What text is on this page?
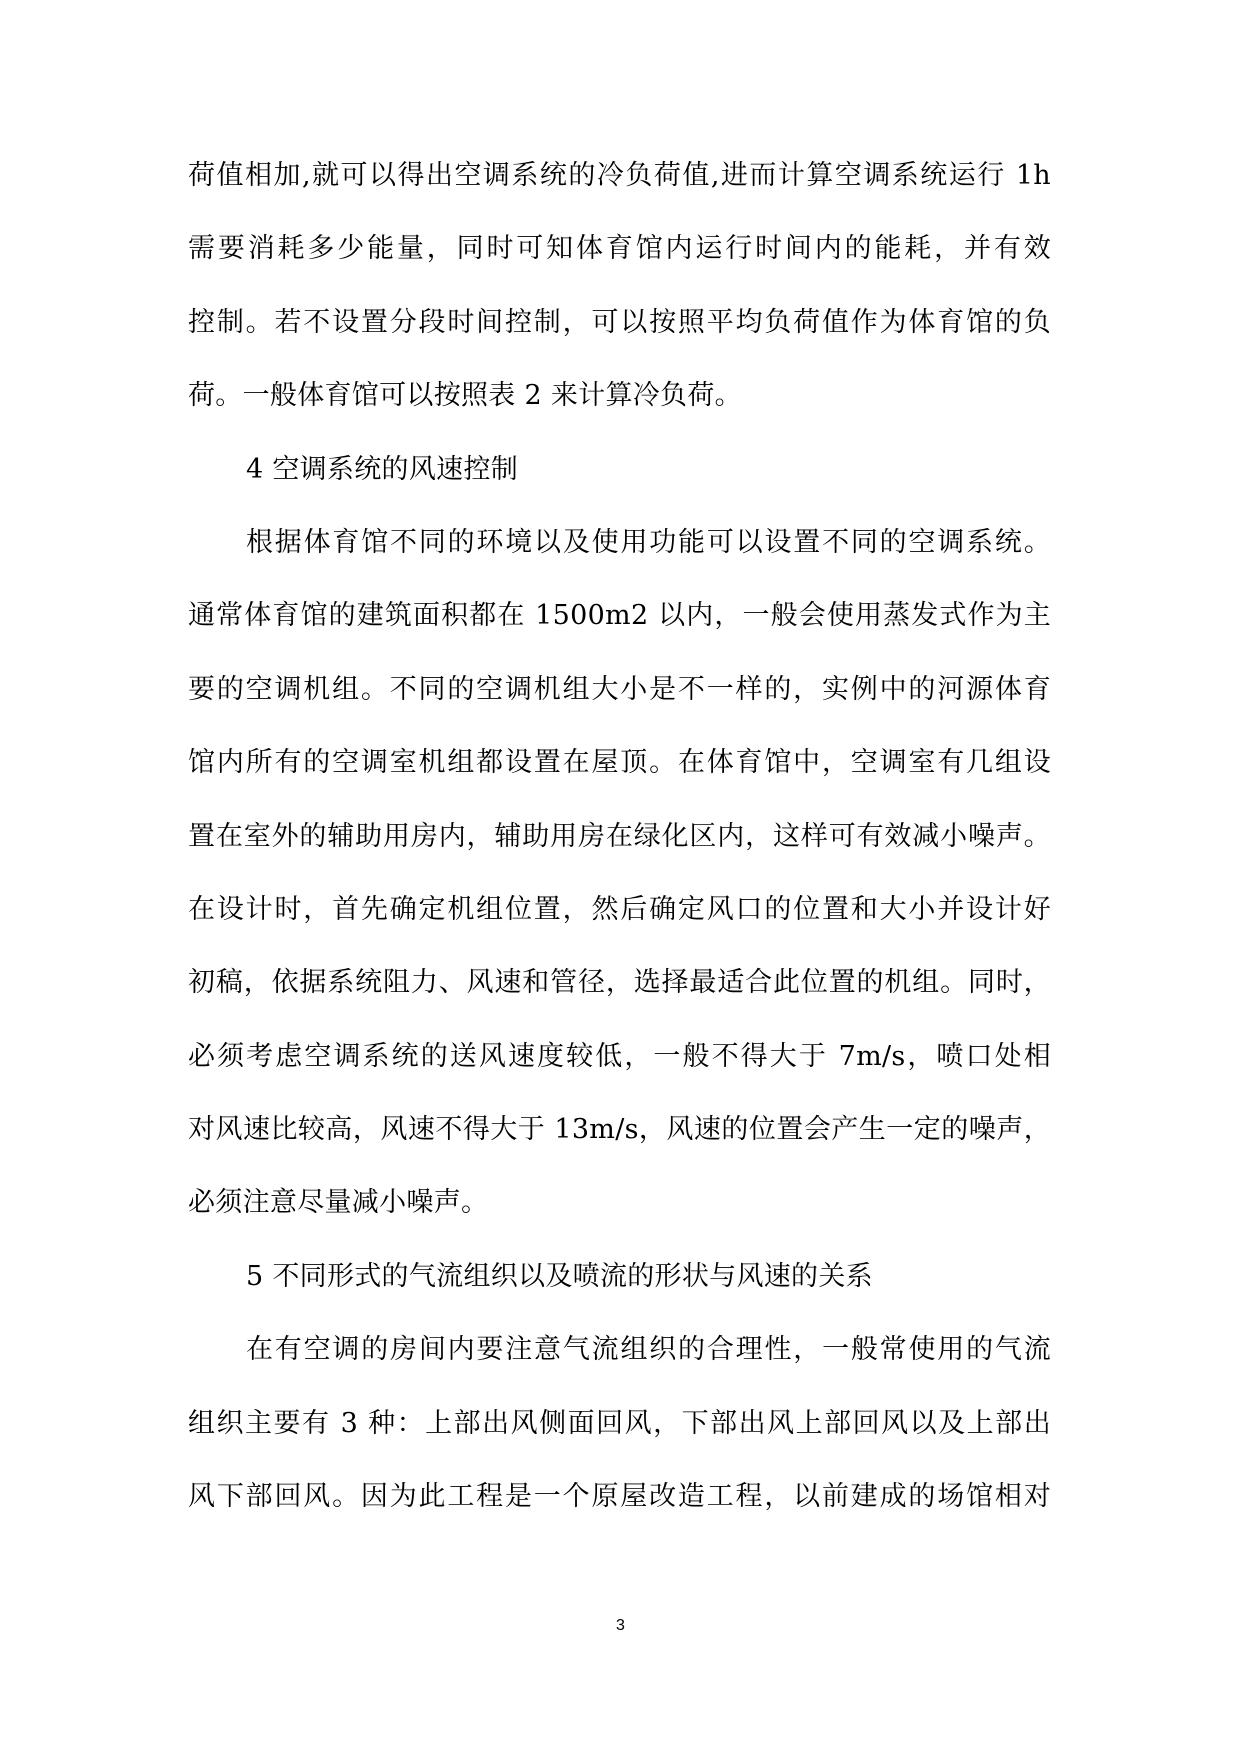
荷值相加,就可以得出空调系统的冷负荷值,进而计算空调系统运行 1h
需要消耗多少能量，同时可知体育馆内运行时间内的能耗，并有效
控制。若不设置分段时间控制，可以按照平均负荷值作为体育馆的负
荷。一般体育馆可以按照表 2 来计算冷负荷。
4 空调系统的风速控制
根据体育馆不同的环境以及使用功能可以设置不同的空调系统。
通常体育馆的建筑面积都在 1500m2 以内，一般会使用蒸发式作为主
要的空调机组。不同的空调机组大小是不一样的，实例中的河源体育
馆内所有的空调室机组都设置在屋顶。在体育馆中，空调室有几组设
置在室外的辅助用房内，辅助用房在绿化区内，这样可有效减小噪声。
在设计时，首先确定机组位置，然后确定风口的位置和大小并设计好
初稿，依据系统阻力、风速和管径，选择最适合此位置的机组。同时，
必须考虑空调系统的送风速度较低，一般不得大于 7m/s，喷口处相
对风速比较高，风速不得大于 13m/s，风速的位置会产生一定的噪声，
必须注意尽量减小噪声。
5 不同形式的气流组织以及喷流的形状与风速的关系
在有空调的房间内要注意气流组织的合理性，一般常使用的气流
组织主要有 3 种：上部出风侧面回风，下部出风上部回风以及上部出
风下部回风。因为此工程是一个原屋改造工程，以前建成的场馆相对
3
